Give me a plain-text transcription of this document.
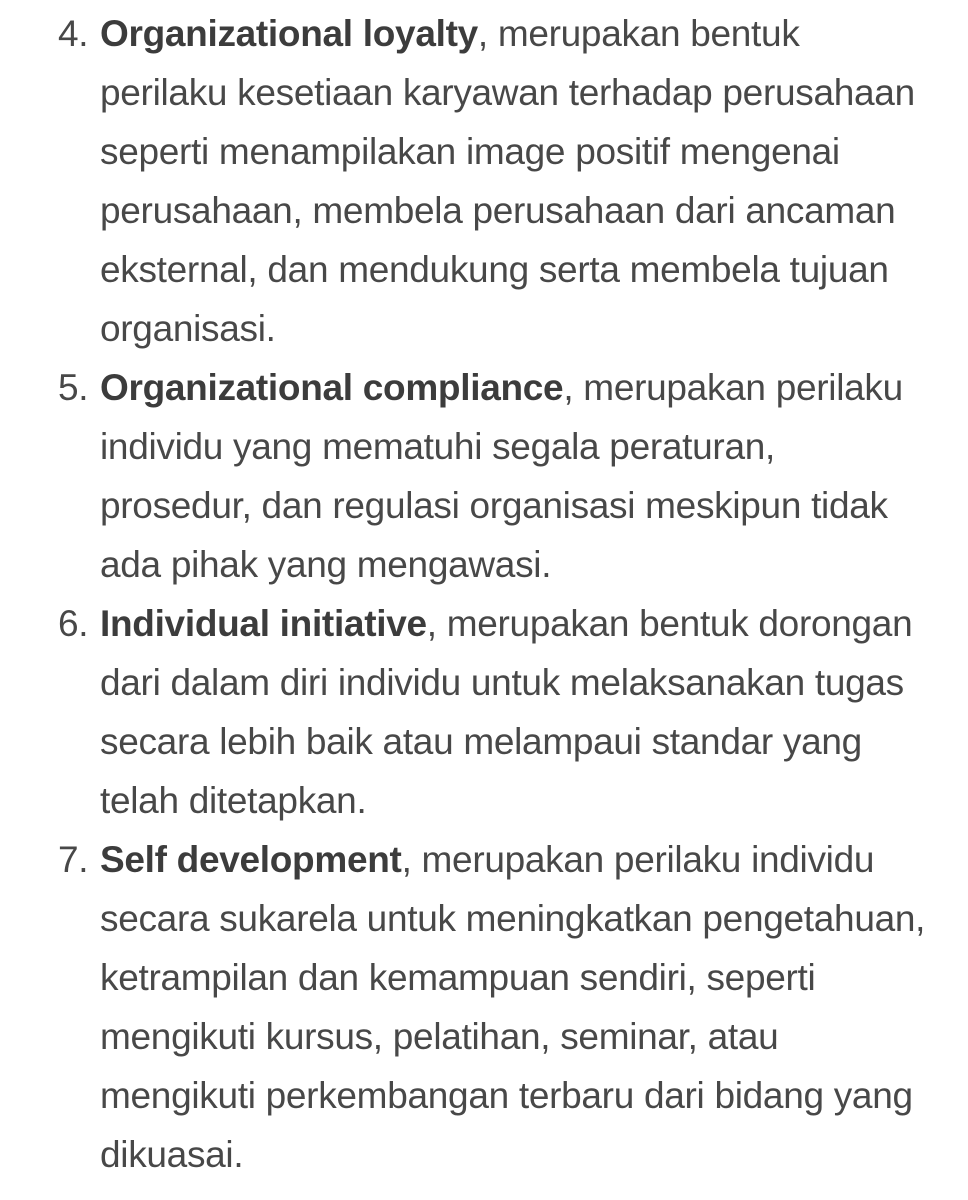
4. Organizational loyalty, merupakan bentuk perilaku kesetiaan karyawan terhadap perusahaan seperti menampilakan image positif mengenai perusahaan, membela perusahaan dari ancaman eksternal, dan mendukung serta membela tujuan organisasi.
5. Organizational compliance, merupakan perilaku individu yang mematuhi segala peraturan, prosedur, dan regulasi organisasi meskipun tidak ada pihak yang mengawasi.
6. Individual initiative, merupakan bentuk dorongan dari dalam diri individu untuk melaksanakan tugas secara lebih baik atau melampaui standar yang telah ditetapkan.
7. Self development, merupakan perilaku individu secara sukarela untuk meningkatkan pengetahuan, ketrampilan dan kemampuan sendiri, seperti mengikuti kursus, pelatihan, seminar, atau mengikuti perkembangan terbaru dari bidang yang dikuasai.
